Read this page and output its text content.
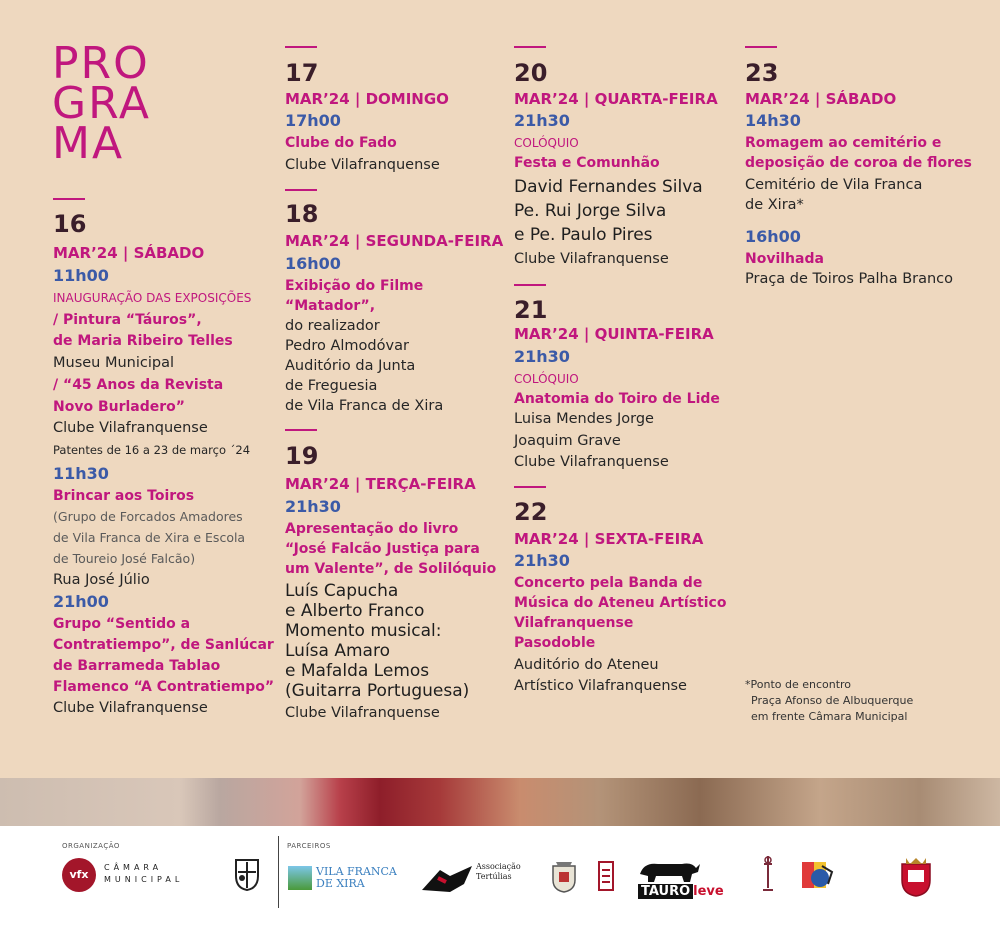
PRO
GRA
MA
16
MAR’24 | SÁBADO
11h00
INAUGURAÇÃO DAS EXPOSIÇÕES
/ Pintura “Táuros”,
de Maria Ribeiro Telles
Museu Municipal
/ “45 Anos da Revista
Novo Burladero”
Clube Vilafranquense
Patentes de 16 a 23 de março ´24
11h30
Brincar aos Toiros
(Grupo de Forcados Amadores
de Vila Franca de Xira e Escola
de Toureio José Falcão)
Rua José Júlio
21h00
Grupo “Sentido a
Contratiempo”, de Sanlúcar
de Barrameda Tablao
Flamenco “A Contratiempo”
Clube Vilafranquense
17
MAR’24 | DOMINGO
17h00
Clube do Fado
Clube Vilafranquense
18
MAR’24 | SEGUNDA-FEIRA
16h00
Exibição do Filme
“Matador”,
do realizador
Pedro Almodóvar
Auditório da Junta
de Freguesia
de Vila Franca de Xira
19
MAR’24 | TERÇA-FEIRA
21h30
Apresentação do livro
“José Falcão Justiça para
um Valente”, de Solilóquio
Luís Capucha
e Alberto Franco
Momento musical:
Luísa Amaro
e Mafalda Lemos
(Guitarra Portuguesa)
Clube Vilafranquense
20
MAR’24 | QUARTA-FEIRA
21h30
COLÓQUIO
Festa e Comunhão
David Fernandes Silva
Pe. Rui Jorge Silva
e Pe. Paulo Pires
Clube Vilafranquense
21
MAR’24 | QUINTA-FEIRA
21h30
COLÓQUIO
Anatomia do Toiro de Lide
Luisa Mendes Jorge
Joaquim Grave
Clube Vilafranquense
22
MAR’24 | SEXTA-FEIRA
21h30
Concerto pela Banda de
Música do Ateneu Artístico
Vilafranquense
Pasodoble
Auditório do Ateneu
Artístico Vilafranquense
23
MAR’24 | SÁBADO
14h30
Romagem ao cemitério e
deposição de coroa de flores
Cemitério de Vila Franca
de Xira*
16h00
Novilhada
Praça de Toiros Palha Branco
*Ponto de encontro
Praça Afonso de Albuquerque
em frente Câmara Municipal
ORGANIZAÇÃO	PARCEIROS
vfx
CÂMARA MUNICIPAL
VILA FRANCA DE XIRA
Associação Tertúlias
TAURO leve
